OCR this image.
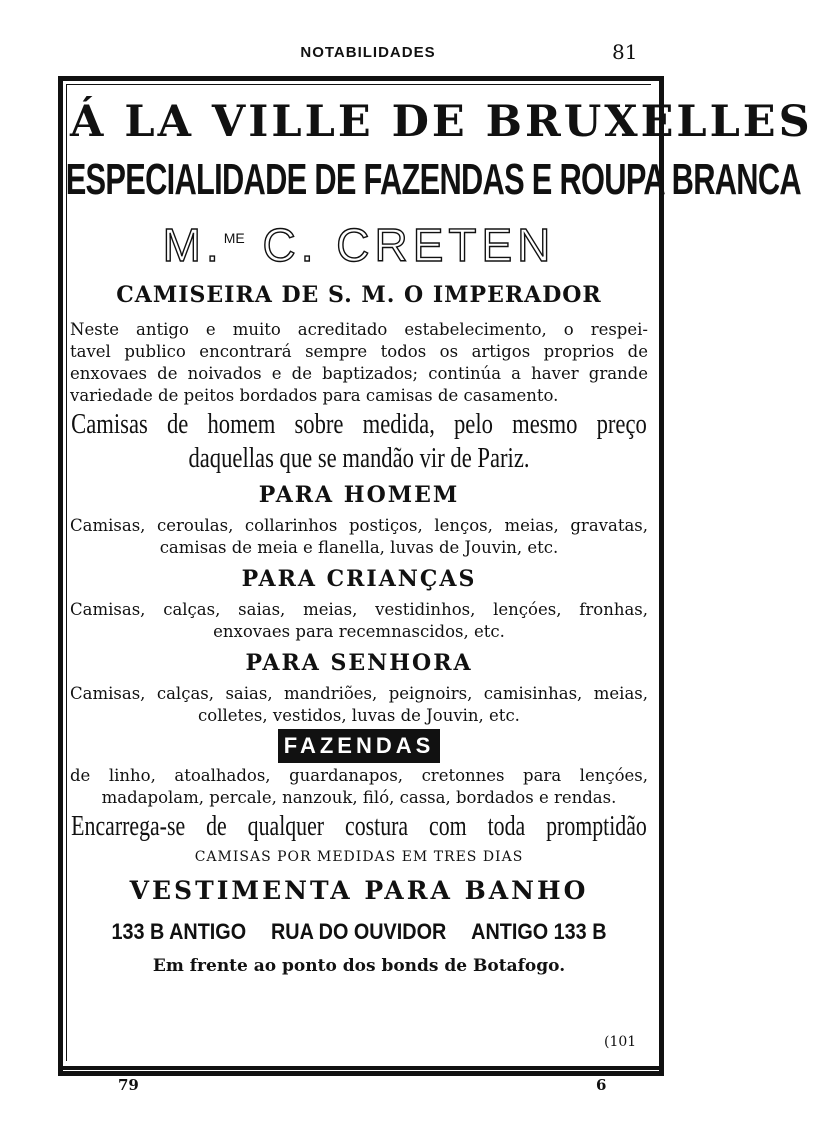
NOTABILIDADES	81
Á LA VILLE DE BRUXELLES
ESPECIALIDADE DE FAZENDAS E ROUPA BRANCA
M.$^{ME}$ C. CRETEN
CAMISEIRA DE S. M. O IMPERADOR
Neste antigo e muito acreditado estabelecimento, o respei-
tavel publico encontrará sempre todos os artigos proprios de
enxovaes de noivados e de baptizados; continúa a haver grande
variedade de peitos bordados para camisas de casamento.
Camisas de homem sobre medida, pelo mesmo preço
daquellas que se mandão vir de Pariz.
PARA HOMEM
Camisas, ceroulas, collarinhos postiços, lenços, meias, gravatas,
camisas de meia e flanella, luvas de Jouvin, etc.
PARA CRIANÇAS
Camisas, calças, saias, meias, vestidinhos, lençóes, fronhas,
enxovaes para recemnascidos, etc.
PARA SENHORA
Camisas, calças, saias, mandriões, peignoirs, camisinhas, meias,
colletes, vestidos, luvas de Jouvin, etc.
FAZENDAS
de linho, atoalhados, guardanapos, cretonnes para lençóes,
madapolam, percale, nanzouk, filó, cassa, bordados e rendas.
Encarrega-se de qualquer costura com toda promptidão
CAMISAS POR MEDIDAS EM TRES DIAS
VESTIMENTA PARA BANHO
133 B ANTIGO RUA DO OUVIDOR ANTIGO 133 B
Em frente ao ponto dos bonds de Botafogo.
(101
79	6
